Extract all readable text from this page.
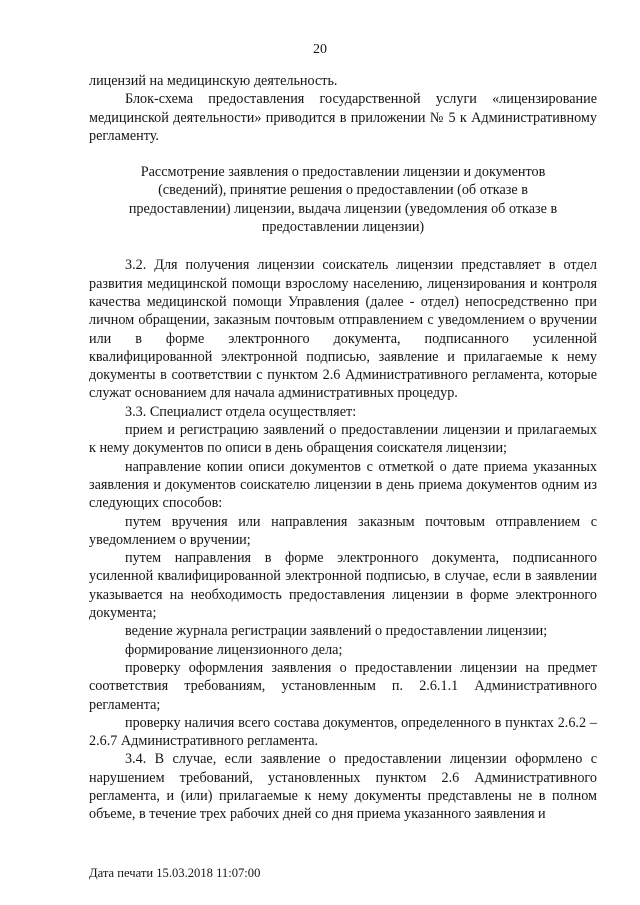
20

лицензий на медицинскую деятельность.

Блок-схема предоставления государственной услуги «лицензирование медицинской деятельности» приводится в приложении № 5 к Административному регламенту.

Рассмотрение заявления о предоставлении лицензии и документов (сведений), принятие решения о предоставлении (об отказе в предоставлении) лицензии, выдача лицензии (уведомления об отказе в предоставлении лицензии)

3.2. Для получения лицензии соискатель лицензии представляет в отдел развития медицинской помощи взрослому населению, лицензирования и контроля качества медицинской помощи Управления (далее - отдел) непосредственно при личном обращении, заказным почтовым отправлением с уведомлением о вручении или в форме электронного документа, подписанного усиленной квалифицированной электронной подписью, заявление и прилагаемые к нему документы в соответствии с пунктом 2.6 Административного регламента, которые служат основанием для начала административных процедур.

3.3. Специалист отдела осуществляет:

прием и регистрацию заявлений о предоставлении лицензии и прилагаемых к нему документов по описи в день обращения соискателя лицензии;

направление копии описи документов с отметкой о дате приема указанных заявления и документов соискателю лицензии в день приема документов одним из следующих способов:

путем вручения или направления заказным почтовым отправлением с уведомлением о вручении;

путем направления в форме электронного документа, подписанного усиленной квалифицированной электронной подписью, в случае, если в заявлении указывается на необходимость предоставления лицензии в форме электронного документа;

ведение журнала регистрации заявлений о предоставлении лицензии;

формирование лицензионного дела;

проверку оформления заявления о предоставлении лицензии на предмет соответствия требованиям, установленным п. 2.6.1.1 Административного регламента;

проверку наличия всего состава документов, определенного в пунктах 2.6.2 – 2.6.7 Административного регламента.

3.4. В случае, если заявление о предоставлении лицензии оформлено с нарушением требований, установленных пунктом 2.6 Административного регламента, и (или) прилагаемые к нему документы представлены не в полном объеме, в течение трех рабочих дней со дня приема указанного заявления и

Дата печати 15.03.2018 11:07:00
